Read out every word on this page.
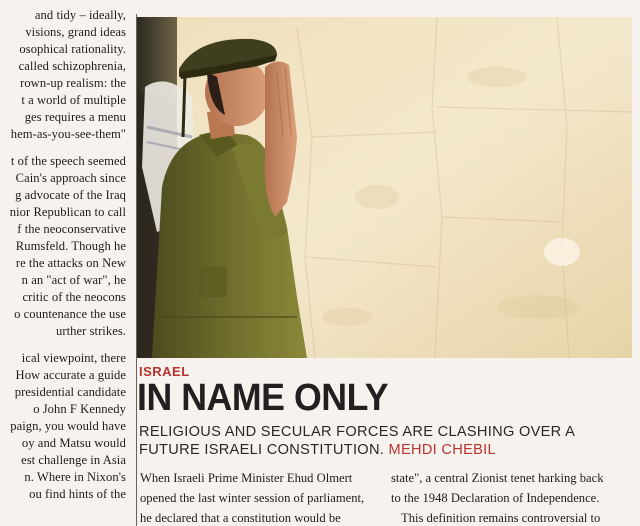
and tidy – ideally,
visions, grand ideas
osophical rationality.
called schizophrenia,
rown-up realism: the
t a world of multiple
ges requires a menu
hem-as-you-see-them"
t of the speech seemed
Cain's approach since
g advocate of the Iraq
nior Republican to call
f the neoconservative
Rumsfeld. Though he
re the attacks on New
n an "act of war", he
critic of the neocons
o countenance the use
urther strikes.
ical viewpoint, there
How accurate a guide
presidential candidate
o John F Kennedy
paign, you would have
oy and Matsu would
est challenge in Asia
n. Where in Nixon's
ou find hints of the
ISRAEL
IN NAME ONLY
RELIGIOUS AND SECULAR FORCES ARE CLASHING OVER A
FUTURE ISRAELI CONSTITUTION. MEHDI CHEBIL
When Israeli Prime Minister Ehud Olmert
opened the last winter session of parliament,
he declared that a constitution would be
state", a central Zionist tenet harking back
to the 1948 Declaration of Independence.
This definition remains controversial to
